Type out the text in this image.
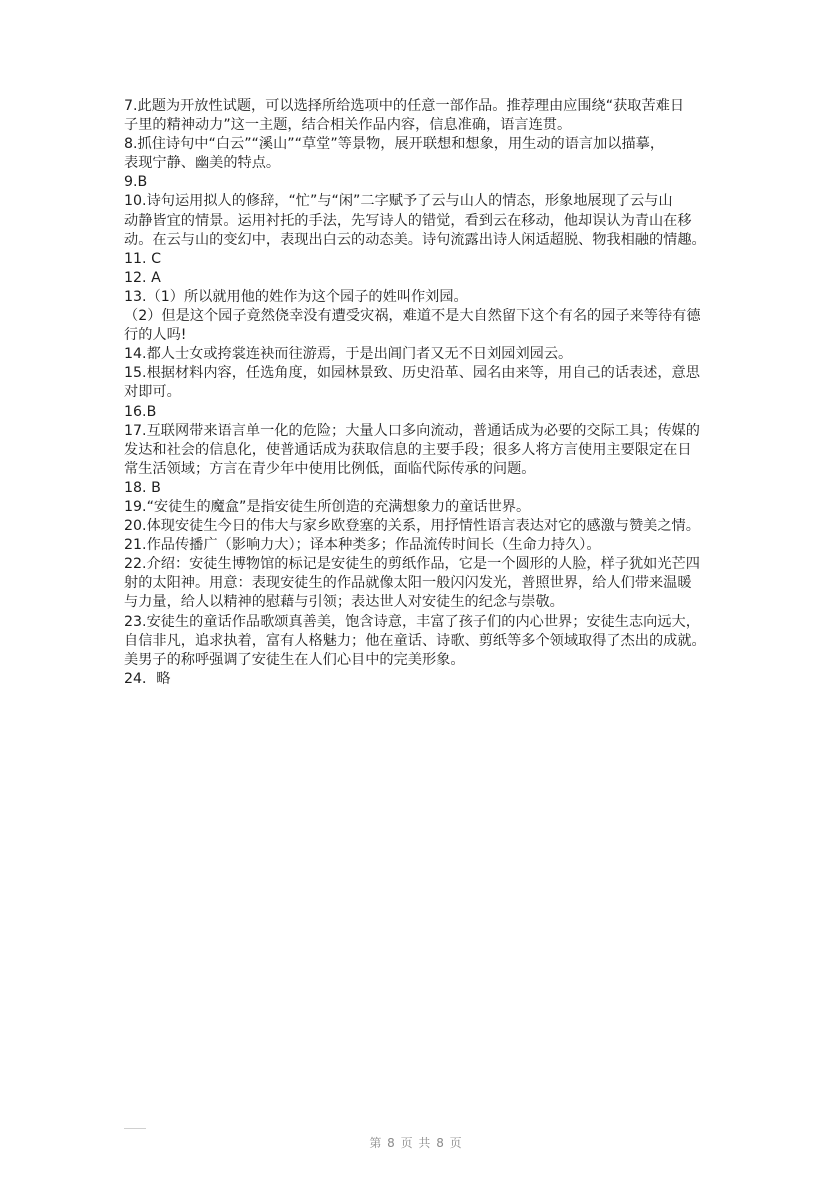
7.此题为开放性试题，可以选择所给选项中的任意一部作品。推荐理由应围绕“获取苦难日
子里的精神动力”这一主题，结合相关作品内容，信息准确，语言连贯。
8.抓住诗句中“白云”“溪山”“草堂”等景物，展开联想和想象，用生动的语言加以描摹，
表现宁静、幽美的特点。
9.B
10.诗句运用拟人的修辞，“忙”与“闲”二字赋予了云与山人的情态，形象地展现了云与山
动静皆宜的情景。运用衬托的手法，先写诗人的错觉，看到云在移动，他却误认为青山在移
动。在云与山的变幻中，表现出白云的动态美。诗句流露出诗人闲适超脱、物我相融的情趣。
11. C
12. A
13.（1）所以就用他的姓作为这个园子的姓叫作刘园。
（2）但是这个园子竟然侥幸没有遭受灾祸，难道不是大自然留下这个有名的园子来等待有德
行的人吗!
14.都人士女或挎裳连袂而往游焉，于是出阊门者又无不日刘园刘园云。
15.根据材料内容，任选角度，如园林景致、历史沿革、园名由来等，用自己的话表述，意思
对即可。
16.B
17.互联网带来语言单一化的危险；大量人口多向流动，普通话成为必要的交际工具；传媒的
发达和社会的信息化，使普通话成为获取信息的主要手段；很多人将方言使用主要限定在日
常生活领域；方言在青少年中使用比例低，面临代际传承的问题。
18. B
19.“安徒生的魔盒”是指安徒生所创造的充满想象力的童话世界。
20.体现安徒生今日的伟大与家乡欧登塞的关系，用抒情性语言表达对它的感激与赞美之情。
21.作品传播广（影响力大）；译本种类多；作品流传时间长（生命力持久）。
22.介绍：安徒生博物馆的标记是安徒生的剪纸作品，它是一个圆形的人脸，样子犹如光芒四
射的太阳神。用意：表现安徒生的作品就像太阳一般闪闪发光，普照世界，给人们带来温暖
与力量，给人以精神的慰藉与引领；表达世人对安徒生的纪念与崇敬。
23.安徒生的童话作品歌颂真善美，饱含诗意，丰富了孩子们的内心世界；安徒生志向远大，
自信非凡，追求执着，富有人格魅力；他在童话、诗歌、剪纸等多个领域取得了杰出的成就。
美男子的称呼强调了安徒生在人们心目中的完美形象。
24．略
第 8 页 共 8 页
